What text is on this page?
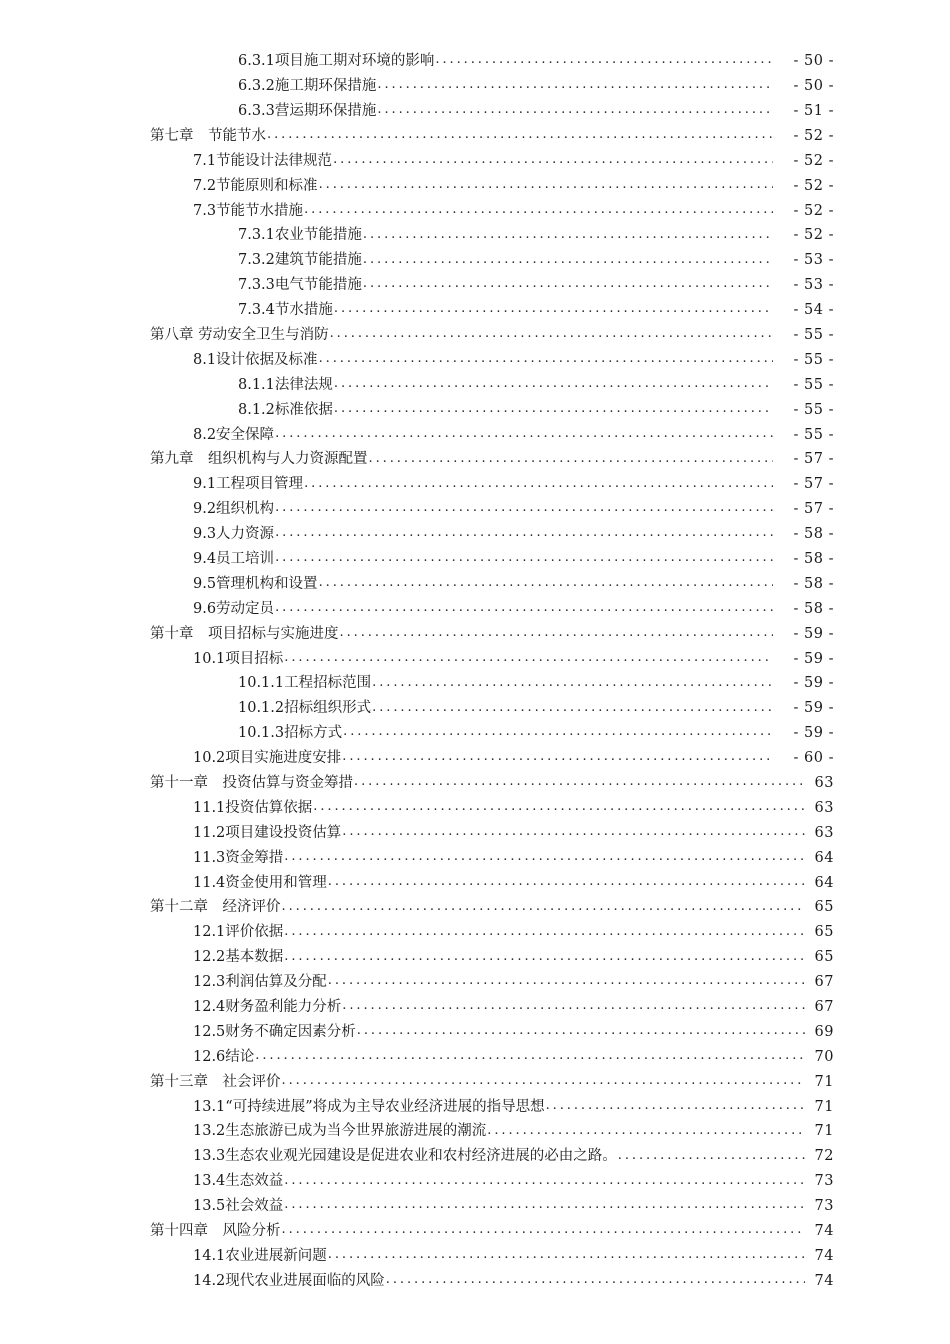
6.3.1项目施工期对环境的影响 . . .	- 50 -
6.3.2施工期环保措施 . . .	- 50 -
6.3.3营运期环保措施 . . .	- 51 -
第七章　节能节水 . . .	- 52 -
7.1节能设计法律规范 . . .	- 52 -
7.2节能原则和标准 . . .	- 52 -
7.3节能节水措施 . . .	- 52 -
7.3.1农业节能措施 . . .	- 52 -
7.3.2建筑节能措施 . . .	- 53 -
7.3.3电气节能措施 . . .	- 53 -
7.3.4节水措施 . . .	- 54 -
第八章 劳动安全卫生与消防 . . .	- 55 -
8.1设计依据及标准 . . .	- 55 -
8.1.1法律法规 . . .	- 55 -
8.1.2标准依据 . . .	- 55 -
8.2安全保障 . . .	- 55 -
第九章　组织机构与人力资源配置 . . .	- 57 -
9.1工程项目管理 . . .	- 57 -
9.2组织机构 . . .	- 57 -
9.3人力资源 . . .	- 58 -
9.4员工培训 . . .	- 58 -
9.5管理机构和设置 . . .	- 58 -
9.6劳动定员 . . .	- 58 -
第十章　项目招标与实施进度 . . .	- 59 -
10.1项目招标 . . .	- 59 -
10.1.1工程招标范围 . . .	- 59 -
10.1.2招标组织形式 . . .	- 59 -
10.1.3招标方式 . . .	- 59 -
10.2项目实施进度安排 . . .	- 60 -
第十一章　投资估算与资金筹措 . . .	63
11.1投资估算依据 . . .	63
11.2项目建设投资估算 . . .	63
11.3资金筹措 . . .	64
11.4资金使用和管理 . . .	64
第十二章　经济评价 . . .	65
12.1评价依据 . . .	65
12.2基本数据 . . .	65
12.3利润估算及分配 . . .	67
12.4财务盈利能力分析 . . .	67
12.5财务不确定因素分析 . . .	69
12.6结论 . . .	70
第十三章　社会评价 . . .	71
13.1“可持续进展”将成为主导农业经济进展的指导思想 . . .	71
13.2生态旅游已成为当今世界旅游进展的潮流 . . .	71
13.3生态农业观光园建设是促进农业和农村经济进展的必由之路。 . . .	72
13.4生态效益 . . .	73
13.5社会效益 . . .	73
第十四章　风险分析 . . .	74
14.1农业进展新问题 . . .	74
14.2现代农业进展面临的风险 . . .	74
